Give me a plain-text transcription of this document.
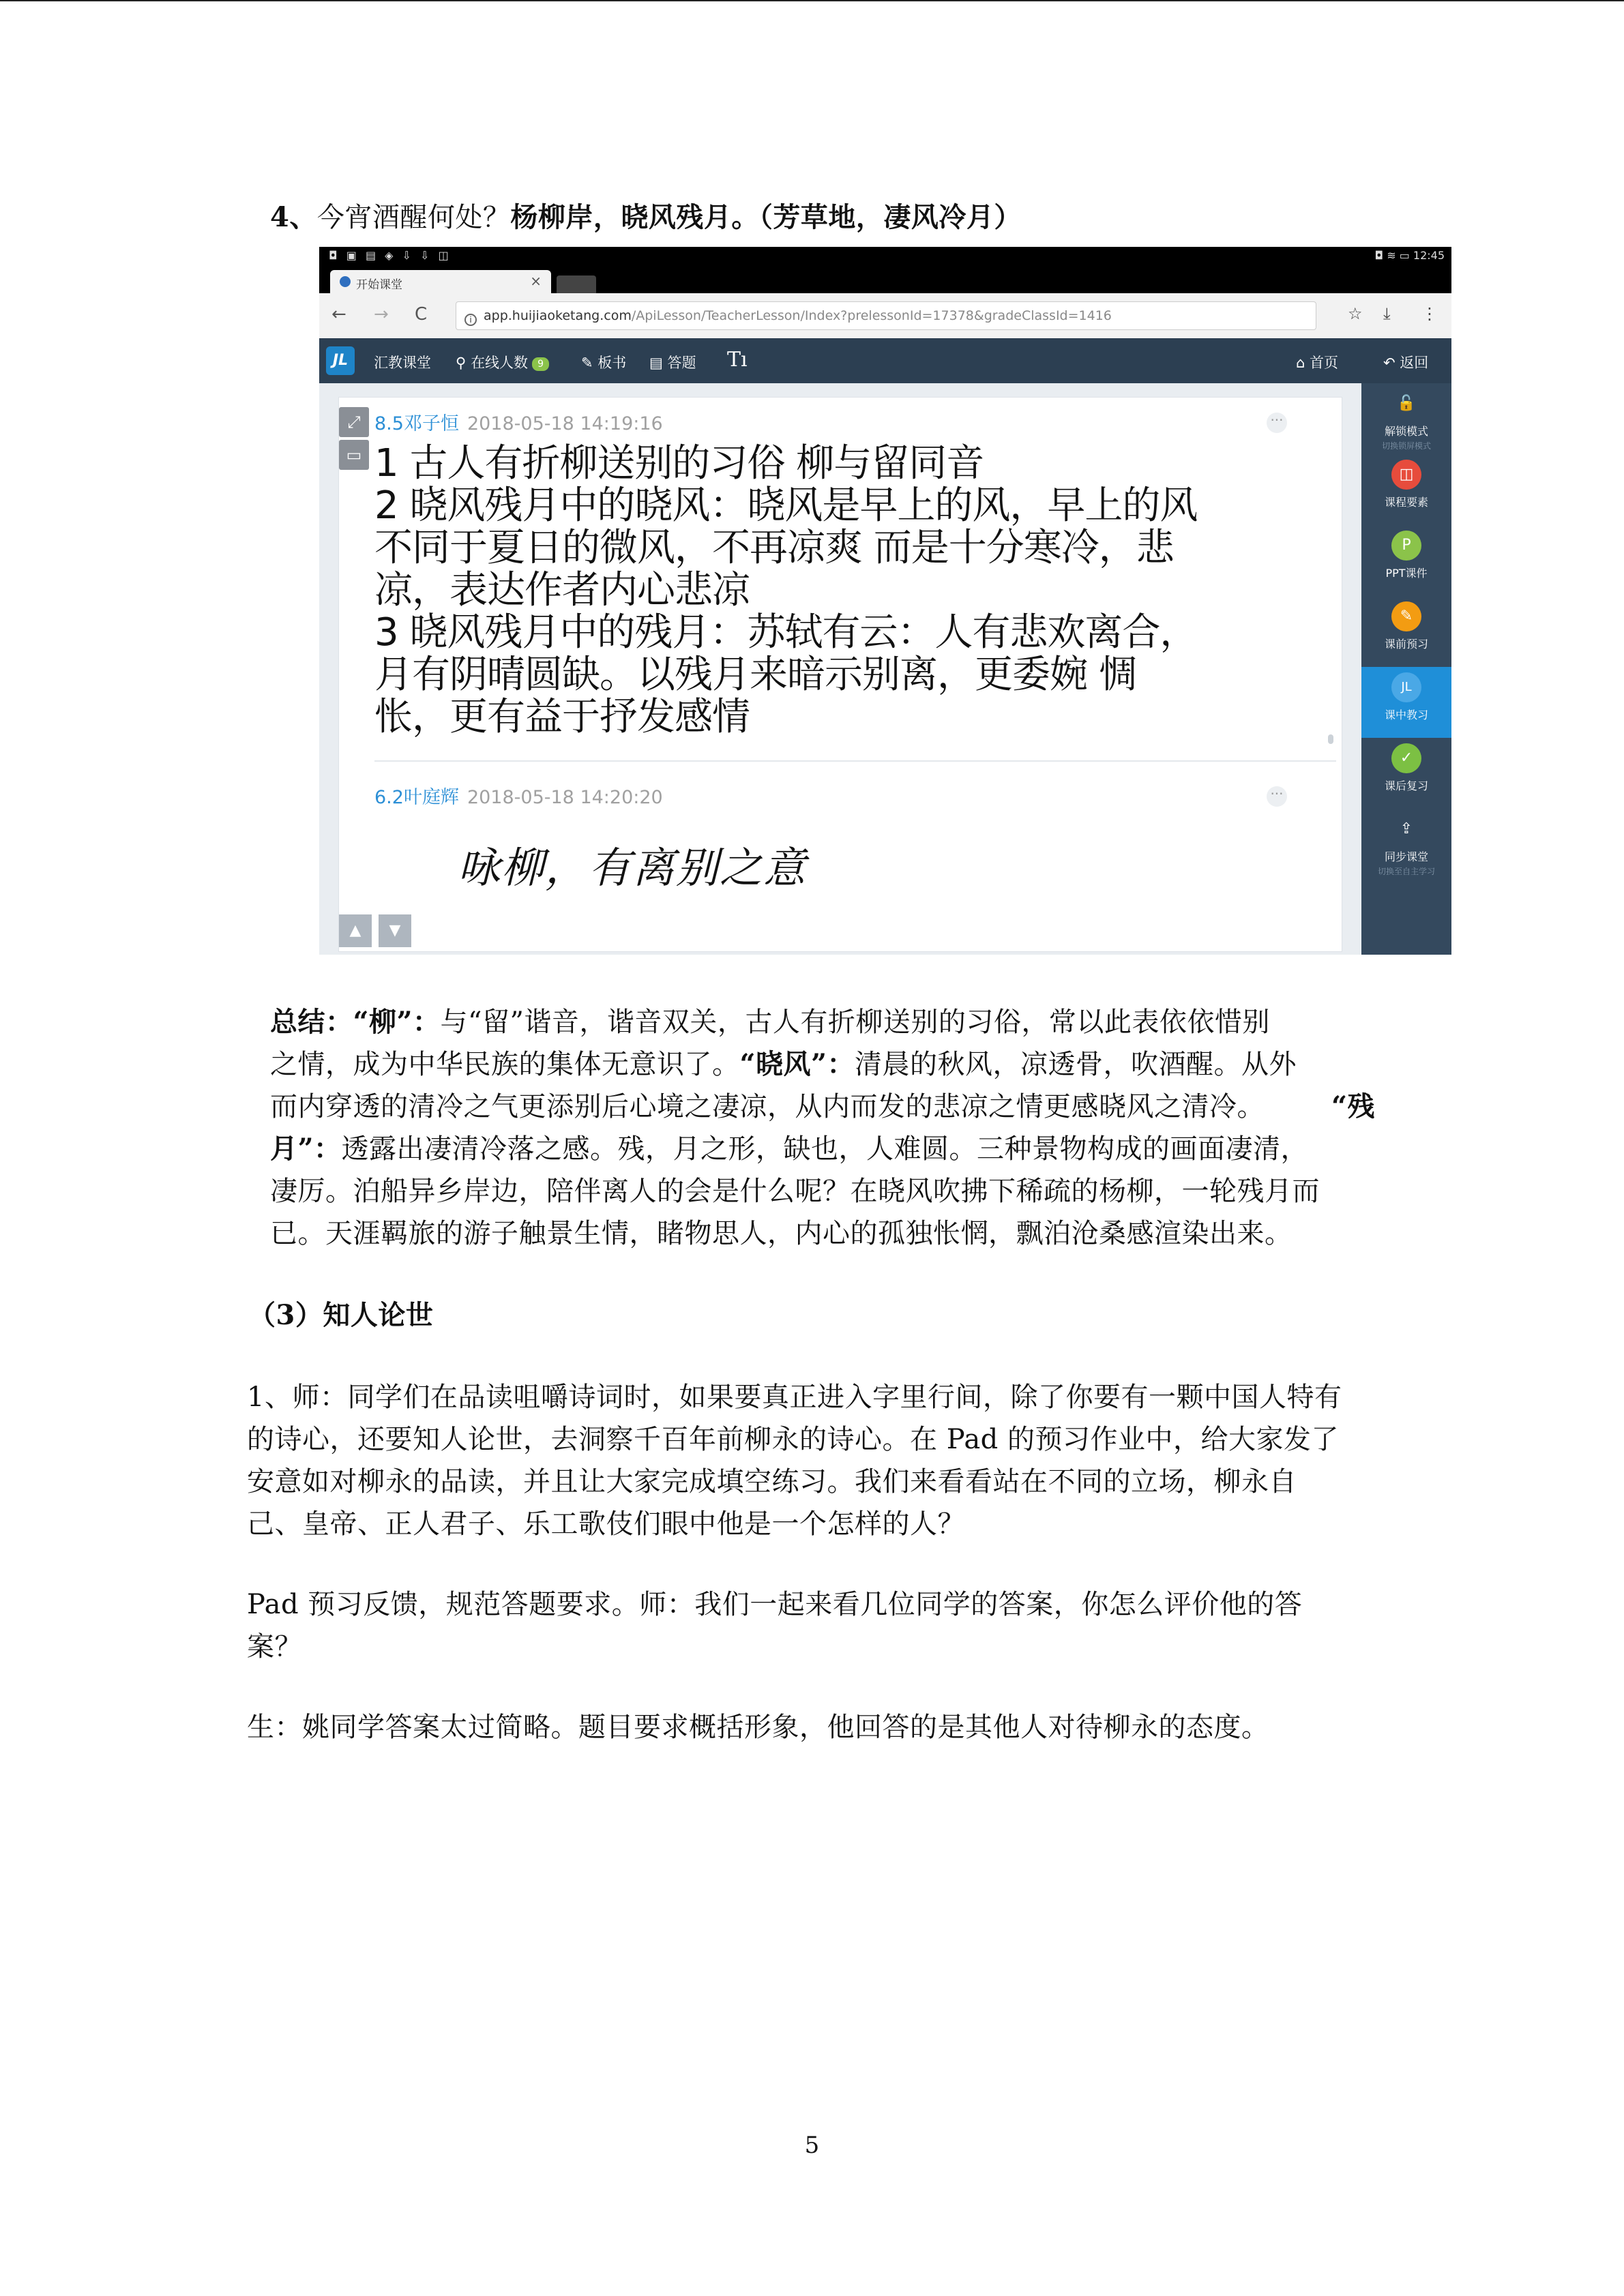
4、今宵酒醒何处？杨柳岸，晓风残月。（芳草地，凄风冷月）

◘ ▣ ▤ ◈ ⇩ ⇩ ◫	◘ ≋ ▭ 12:45
开始课堂	×
← → C	i app.huijiaoketang.com/ApiLesson/TeacherLesson/Index?prelessonId=17378&gradeClassId=1416	☆ ⤓ ⋮
JL	汇教课堂 ⚲ 在线人数 9	✎ 板书 ▤ 答题 Tı	⌂ 首页	↶ 返回
🔓
解锁模式
切换锁屏模式
◫
课程要素
P
PPT课件
✎
课前预习
JL
课中教习
✓
课后复习
⇪
同步课堂
切换至自主学习
⤢
▭
8.5邓子恒 2018-05-18 14:19:16	···
1 古人有折柳送别的习俗 柳与留同音
2 晓风残月中的晓风：晓风是早上的风，早上的风
不同于夏日的微风，不再凉爽 而是十分寒冷，悲
凉，表达作者内心悲凉
3 晓风残月中的残月：苏轼有云：人有悲欢离合，
月有阴晴圆缺。以残月来暗示别离，更委婉 惆
怅，更有益于抒发感情
6.2叶庭辉 2018-05-18 14:20:20	···
咏柳，有离别之意
▲	▼

总结：“柳”：与“留”谐音，谐音双关，古人有折柳送别的习俗，常以此表依依惜别

之情，成为中华民族的集体无意识了。“晓风”：清晨的秋风，凉透骨，吹酒醒。从外

而内穿透的清冷之气更添别后心境之凄凉，从内而发的悲凉之情更感晓风之清冷。 “残

月”：透露出凄清冷落之感。残，月之形，缺也，人难圆。三种景物构成的画面凄清，

凄厉。泊船异乡岸边，陪伴离人的会是什么呢？在晓风吹拂下稀疏的杨柳，一轮残月而

已。天涯羁旅的游子触景生情，睹物思人，内心的孤独怅惘，飘泊沧桑感渲染出来。

（3）知人论世

1、师：同学们在品读咀嚼诗词时，如果要真正进入字里行间，除了你要有一颗中国人特有

的诗心，还要知人论世，去洞察千百年前柳永的诗心。在 Pad 的预习作业中，给大家发了

安意如对柳永的品读，并且让大家完成填空练习。我们来看看站在不同的立场，柳永自

己、皇帝、正人君子、乐工歌伎们眼中他是一个怎样的人？

Pad 预习反馈，规范答题要求。师：我们一起来看几位同学的答案，你怎么评价他的答

案？

生：姚同学答案太过简略。题目要求概括形象，他回答的是其他人对待柳永的态度。

5
